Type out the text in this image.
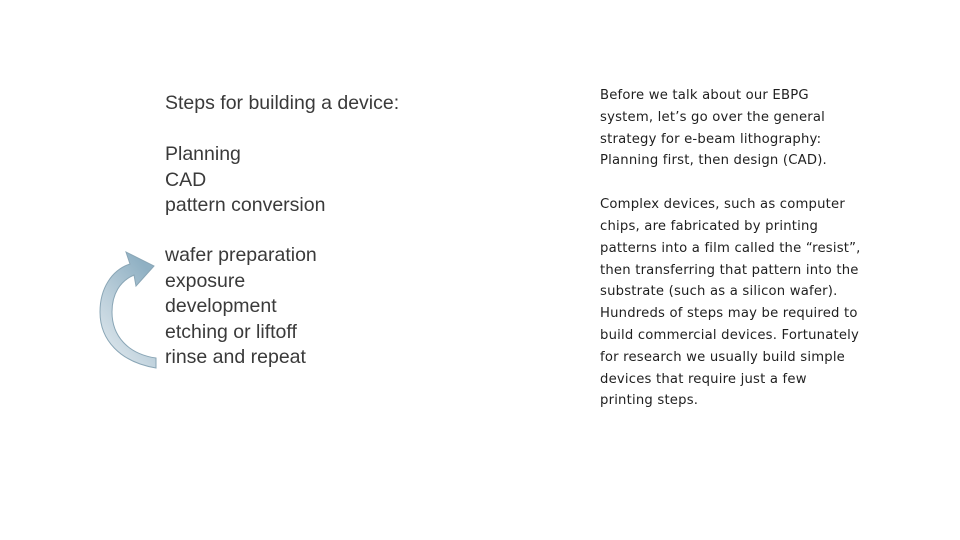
Steps for building a device:
Planning
CAD
pattern conversion
wafer preparation
exposure
development
etching or liftoff
rinse and repeat

Before we talk about our EBPG system, let’s go over the general strategy for e-beam lithography: Planning first, then design (CAD).

Complex devices, such as computer chips, are fabricated by printing patterns into a film called the “resist”, then transferring that pattern into the substrate (such as a silicon wafer). Hundreds of steps may be required to build commercial devices. Fortunately for research we usually build simple devices that require just a few printing steps.
